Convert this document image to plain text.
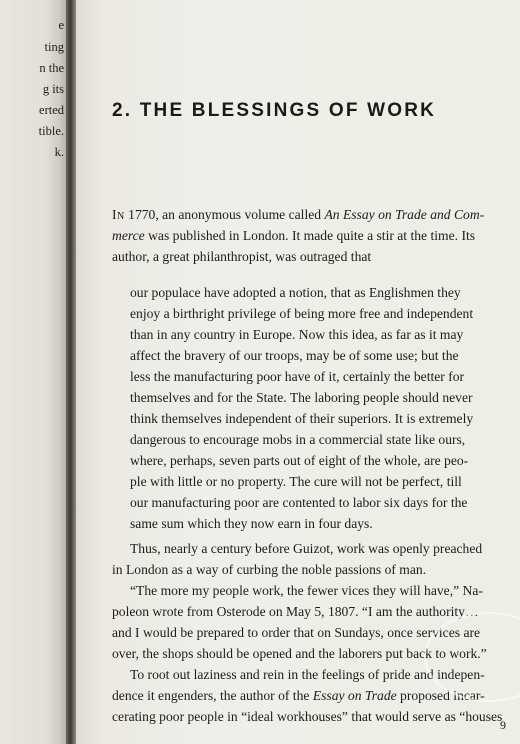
e
ting
n the
g its
erted
tible.
k.
2. THE BLESSINGS OF WORK
In 1770, an anonymous volume called An Essay on Trade and Com-
merce was published in London. It made quite a stir at the time. Its
author, a great philanthropist, was outraged that
our populace have adopted a notion, that as Englishmen they
enjoy a birthright privilege of being more free and independent
than in any country in Europe. Now this idea, as far as it may
affect the bravery of our troops, may be of some use; but the
less the manufacturing poor have of it, certainly the better for
themselves and for the State. The laboring people should never
think themselves independent of their superiors. It is extremely
dangerous to encourage mobs in a commercial state like ours,
where, perhaps, seven parts out of eight of the whole, are peo-
ple with little or no property. The cure will not be perfect, till
our manufacturing poor are contented to labor six days for the
same sum which they now earn in four days.
Thus, nearly a century before Guizot, work was openly preached
in London as a way of curbing the noble passions of man.
“The more my people work, the fewer vices they will have,” Na-
poleon wrote from Osterode on May 5, 1807. “I am the authority…
and I would be prepared to order that on Sundays, once services are
over, the shops should be opened and the laborers put back to work.”
To root out laziness and rein in the feelings of pride and indepen-
dence it engenders, the author of the Essay on Trade proposed incar-
cerating poor people in “ideal workhouses” that would serve as “houses
9
